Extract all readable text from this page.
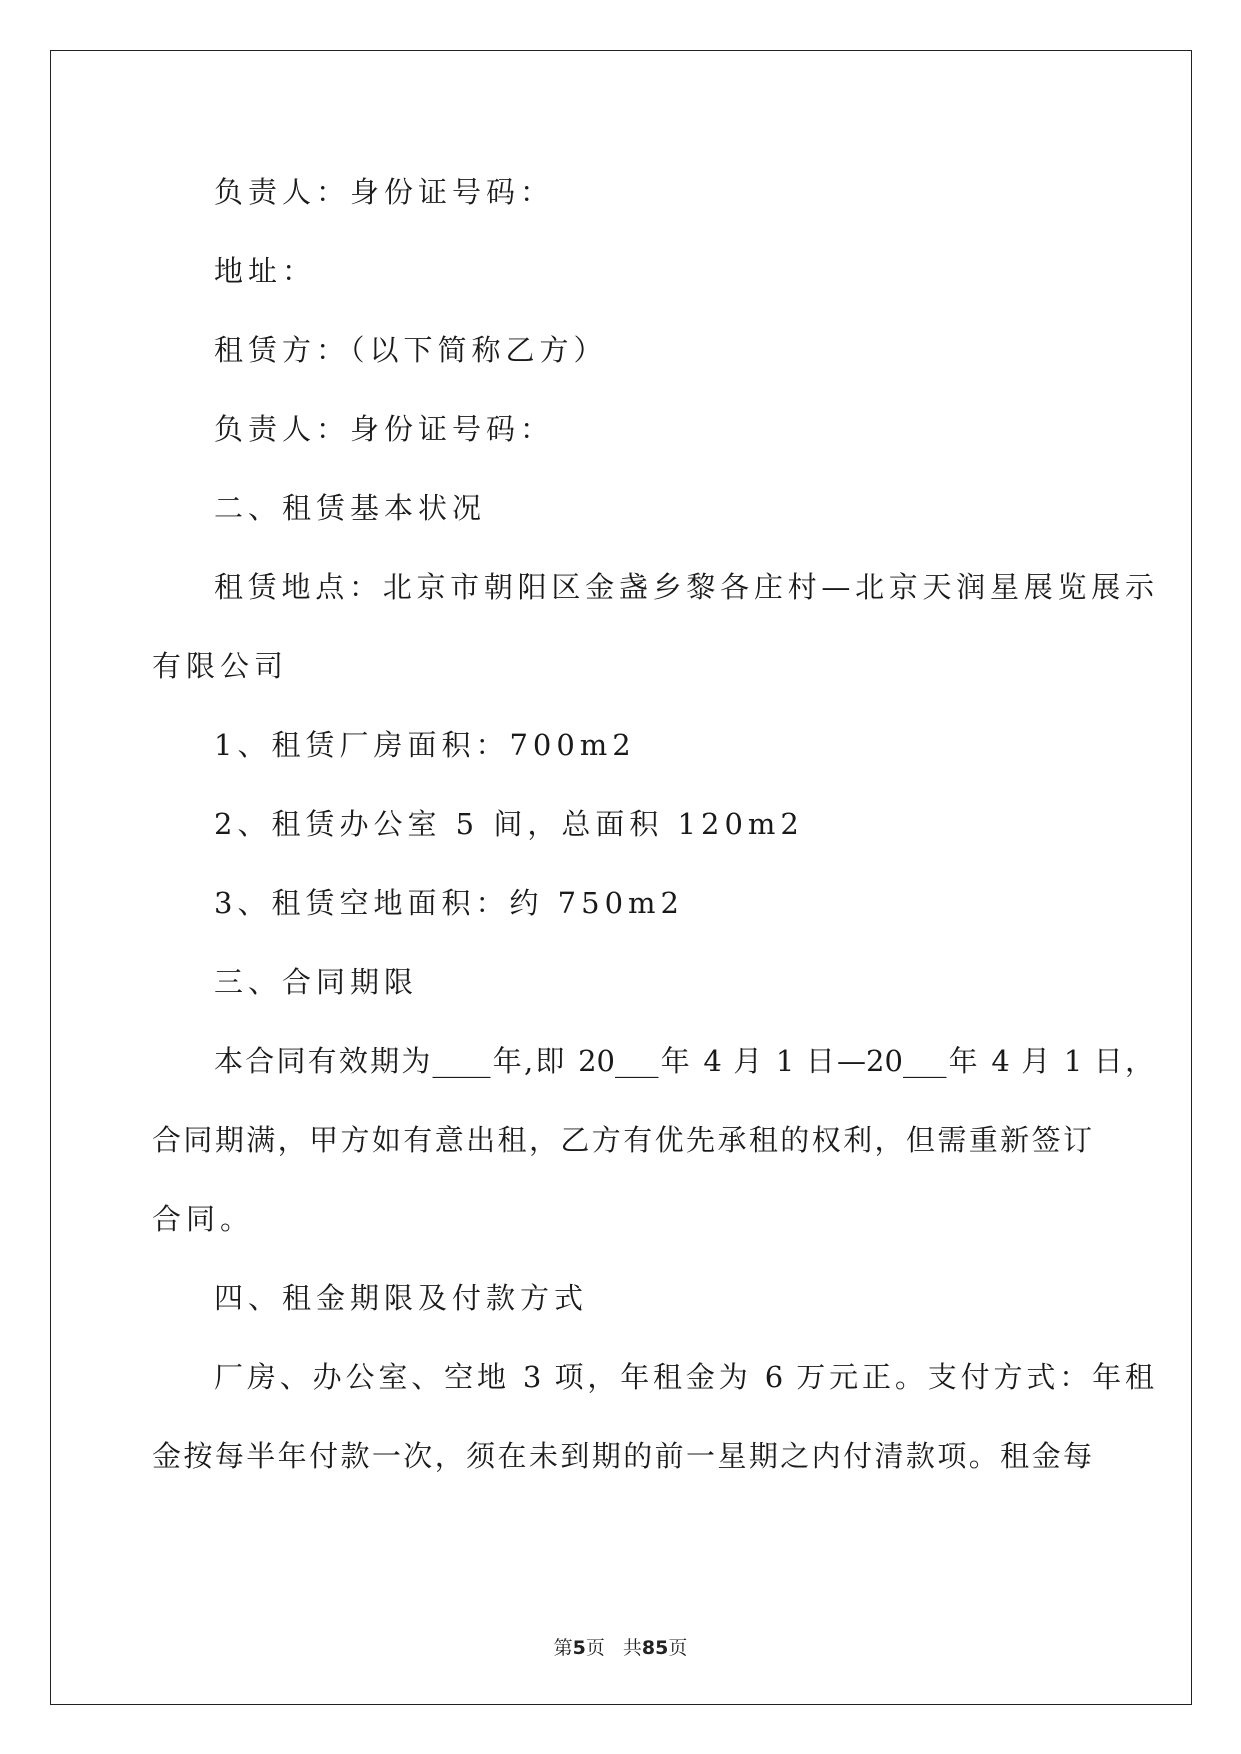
负责人：身份证号码：
地址：
租赁方：（以下简称乙方）
负责人：身份证号码：
二、租赁基本状况
租赁地点：北京市朝阳区金盏乡黎各庄村—北京天润星展览展示
有限公司
1、租赁厂房面积：700m2
2、租赁办公室 5 间，总面积 120m2
3、租赁空地面积：约 750m2
三、合同期限
本合同有效期为____年,即 20___年 4 月 1 日—20___年 4 月 1 日，
合同期满，甲方如有意出租，乙方有优先承租的权利，但需重新签订
合同。
四、租金期限及付款方式
厂房、办公室、空地 3 项，年租金为 6 万元正。支付方式：年租
金按每半年付款一次，须在未到期的前一星期之内付清款项。租金每
第5页 共85页
